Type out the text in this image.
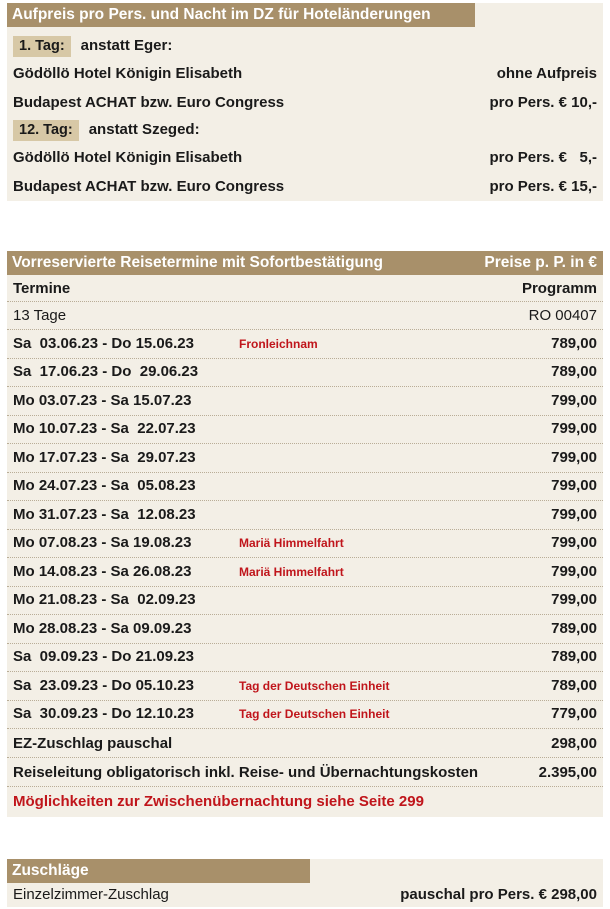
Aufpreis pro Pers. und Nacht im DZ für Hoteländerungen
1. Tag:	anstatt Eger:
Gödöllö Hotel Königin Elisabeth	ohne Aufpreis
Budapest ACHAT bzw. Euro Congress	pro Pers. € 10,-
12. Tag:	anstatt Szeged:
Gödöllö Hotel Königin Elisabeth	pro Pers. €   5,-
Budapest ACHAT bzw. Euro Congress	pro Pers. € 15,-
Vorreservierte Reisetermine mit Sofortbestätigung	Preise p. P. in €
Termine	Programm
13 Tage	RO 00407
Sa  03.06.23 - Do 15.06.23	Fronleichnam	789,00
Sa  17.06.23 - Do  29.06.23	789,00
Mo 03.07.23 - Sa 15.07.23	799,00
Mo 10.07.23 - Sa  22.07.23	799,00
Mo 17.07.23 - Sa  29.07.23	799,00
Mo 24.07.23 - Sa  05.08.23	799,00
Mo 31.07.23 - Sa  12.08.23	799,00
Mo 07.08.23 - Sa 19.08.23	Mariä Himmelfahrt	799,00
Mo 14.08.23 - Sa 26.08.23	Mariä Himmelfahrt	799,00
Mo 21.08.23 - Sa  02.09.23	799,00
Mo 28.08.23 - Sa 09.09.23	789,00
Sa  09.09.23 - Do 21.09.23	789,00
Sa  23.09.23 - Do 05.10.23	Tag der Deutschen Einheit	789,00
Sa  30.09.23 - Do 12.10.23	Tag der Deutschen Einheit	779,00
EZ-Zuschlag pauschal	298,00
Reiseleitung obligatorisch inkl. Reise- und Übernachtungskosten	2.395,00
Möglichkeiten zur Zwischenübernachtung siehe Seite 299
Zuschläge
Einzelzimmer-Zuschlag	pauschal pro Pers. € 298,00
